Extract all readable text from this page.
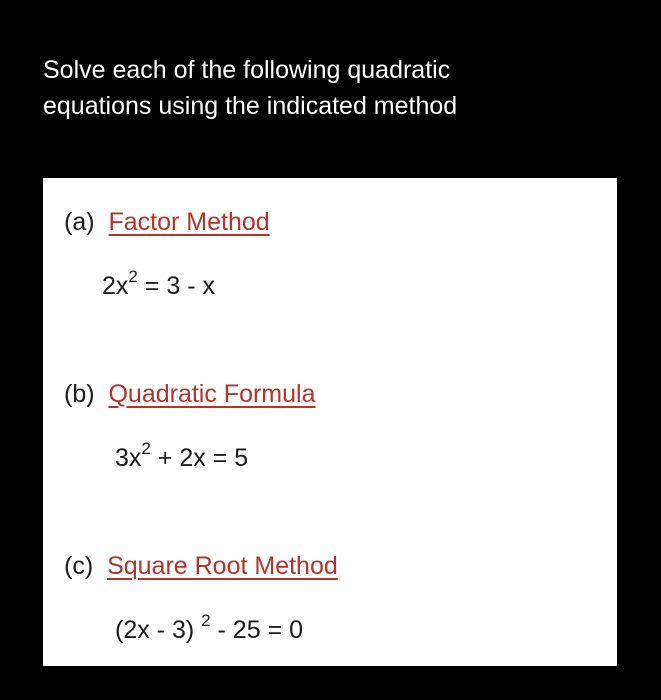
Solve each of the following quadratic
equations using the indicated method
(a) Factor Method
$2x^2 = 3 - x$
(b) Quadratic Formula
$3x^2 + 2x = 5$
(c) Square Root Method
(2x - 3) $^2$ - 25 = 0
